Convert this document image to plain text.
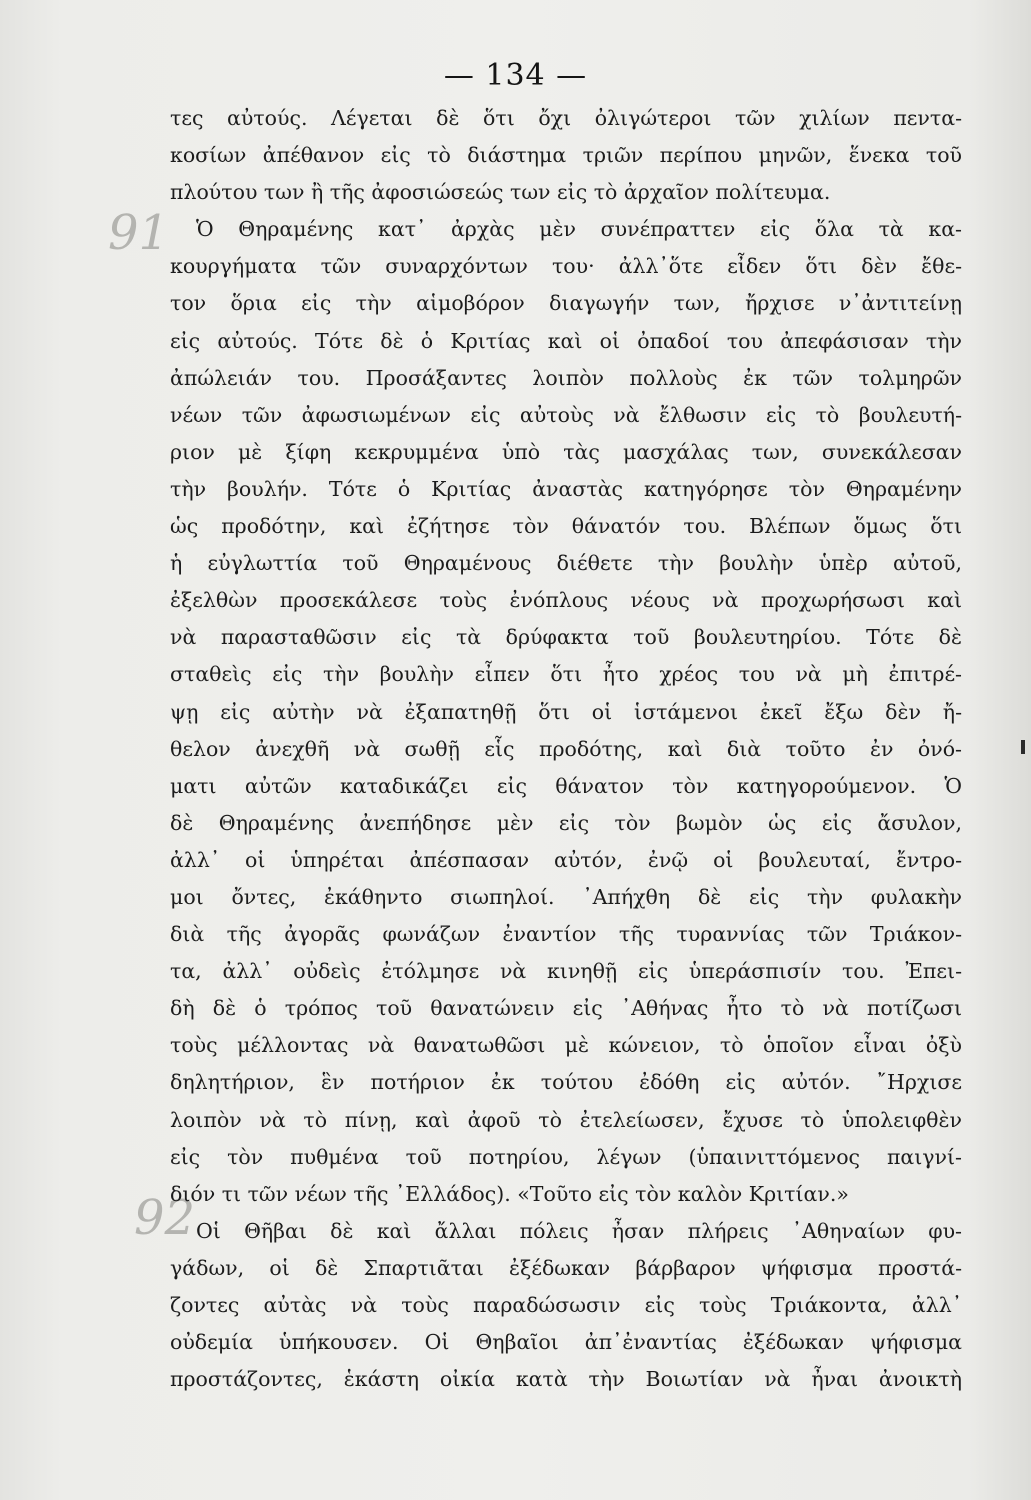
— 134 —
91
92
τες αὐτούς. Λέγεται δὲ ὅτι ὄχι ὀλιγώτεροι τῶν χιλίων πεντα-
κοσίων ἀπέθανον εἰς τὸ διάστημα τριῶν περίπου μηνῶν, ἕνεκα τοῦ
πλούτου των ἢ τῆς ἀφοσιώσεώς των εἰς τὸ ἀρχαῖον πολίτευμα.
Ὁ Θηραμένης κατ᾽ ἀρχὰς μὲν συνέπραττεν εἰς ὅλα τὰ κα-
κουργήματα τῶν συναρχόντων του· ἀλλ᾽ὅτε εἶδεν ὅτι δὲν ἔθε-
τον ὅρια εἰς τὴν αἱμοβόρον διαγωγήν των, ἤρχισε ν᾽ἀντιτείνῃ
εἰς αὐτούς. Τότε δὲ ὁ Κριτίας καὶ οἱ ὀπαδοί του ἀπεφάσισαν τὴν
ἀπώλειάν του. Προσάξαντες λοιπὸν πολλοὺς ἐκ τῶν τολμηρῶν
νέων τῶν ἀφωσιωμένων εἰς αὐτοὺς νὰ ἔλθωσιν εἰς τὸ βουλευτή-
ριον μὲ ξίφη κεκρυμμένα ὑπὸ τὰς μασχάλας των, συνεκάλεσαν
τὴν βουλήν. Τότε ὁ Κριτίας ἀναστὰς κατηγόρησε τὸν Θηραμένην
ὡς προδότην, καὶ ἐζήτησε τὸν θάνατόν του. Βλέπων ὅμως ὅτι
ἡ εὐγλωττία τοῦ Θηραμένους διέθετε τὴν βουλὴν ὑπὲρ αὐτοῦ,
ἐξελθὼν προσεκάλεσε τοὺς ἐνόπλους νέους νὰ προχωρήσωσι καὶ
νὰ παρασταθῶσιν εἰς τὰ δρύφακτα τοῦ βουλευτηρίου. Τότε δὲ
σταθεὶς εἰς τὴν βουλὴν εἶπεν ὅτι ἦτο χρέος του νὰ μὴ ἐπιτρέ-
ψῃ εἰς αὐτὴν νὰ ἐξαπατηθῇ ὅτι οἱ ἱστάμενοι ἐκεῖ ἔξω δὲν ἤ-
θελον ἀνεχθῆ νὰ σωθῇ εἷς προδότης, καὶ διὰ τοῦτο ἐν ὀνό-
ματι αὐτῶν καταδικάζει εἰς θάνατον τὸν κατηγορούμενον. Ὁ
δὲ Θηραμένης ἀνεπήδησε μὲν εἰς τὸν βωμὸν ὡς εἰς ἄσυλον,
ἀλλ᾽ οἱ ὑπηρέται ἀπέσπασαν αὐτόν, ἐνῷ οἱ βουλευταί, ἔντρο-
μοι ὄντες, ἐκάθηντο σιωπηλοί. ᾽Απήχθη δὲ εἰς τὴν φυλακὴν
διὰ τῆς ἀγορᾶς φωνάζων ἐναντίον τῆς τυραννίας τῶν Τριάκον-
τα, ἀλλ᾽ οὐδεὶς ἐτόλμησε νὰ κινηθῇ εἰς ὑπεράσπισίν του. Ἐπει-
δὴ δὲ ὁ τρόπος τοῦ θανατώνειν εἰς ᾽Αθήνας ἦτο τὸ νὰ ποτίζωσι
τοὺς μέλλοντας νὰ θανατωθῶσι μὲ κώνειον, τὸ ὁποῖον εἶναι ὀξὺ
δηλητήριον, ἓν ποτήριον ἐκ τούτου ἐδόθη εἰς αὐτόν. ῎Ηρχισε
λοιπὸν νὰ τὸ πίνῃ, καὶ ἀφοῦ τὸ ἐτελείωσεν, ἔχυσε τὸ ὑπολειφθὲν
εἰς τὸν πυθμένα τοῦ ποτηρίου, λέγων (ὑπαινιττόμενος παιγνί-
διόν τι τῶν νέων τῆς ᾽Ελλάδος). «Τοῦτο εἰς τὸν καλὸν Κριτίαν.»
Οἱ Θῆβαι δὲ καὶ ἄλλαι πόλεις ἦσαν πλήρεις ᾽Αθηναίων φυ-
γάδων, οἱ δὲ Σπαρτιᾶται ἐξέδωκαν βάρβαρον ψήφισμα προστά-
ζοντες αὐτὰς νὰ τοὺς παραδώσωσιν εἰς τοὺς Τριάκοντα, ἀλλ᾽
οὐδεμία ὑπήκουσεν. Οἱ Θηβαῖοι ἀπ᾽ἐναντίας ἐξέδωκαν ψήφισμα
προστάζοντες, ἑκάστη οἰκία κατὰ τὴν Βοιωτίαν νὰ ἦναι ἀνοικτὴ
